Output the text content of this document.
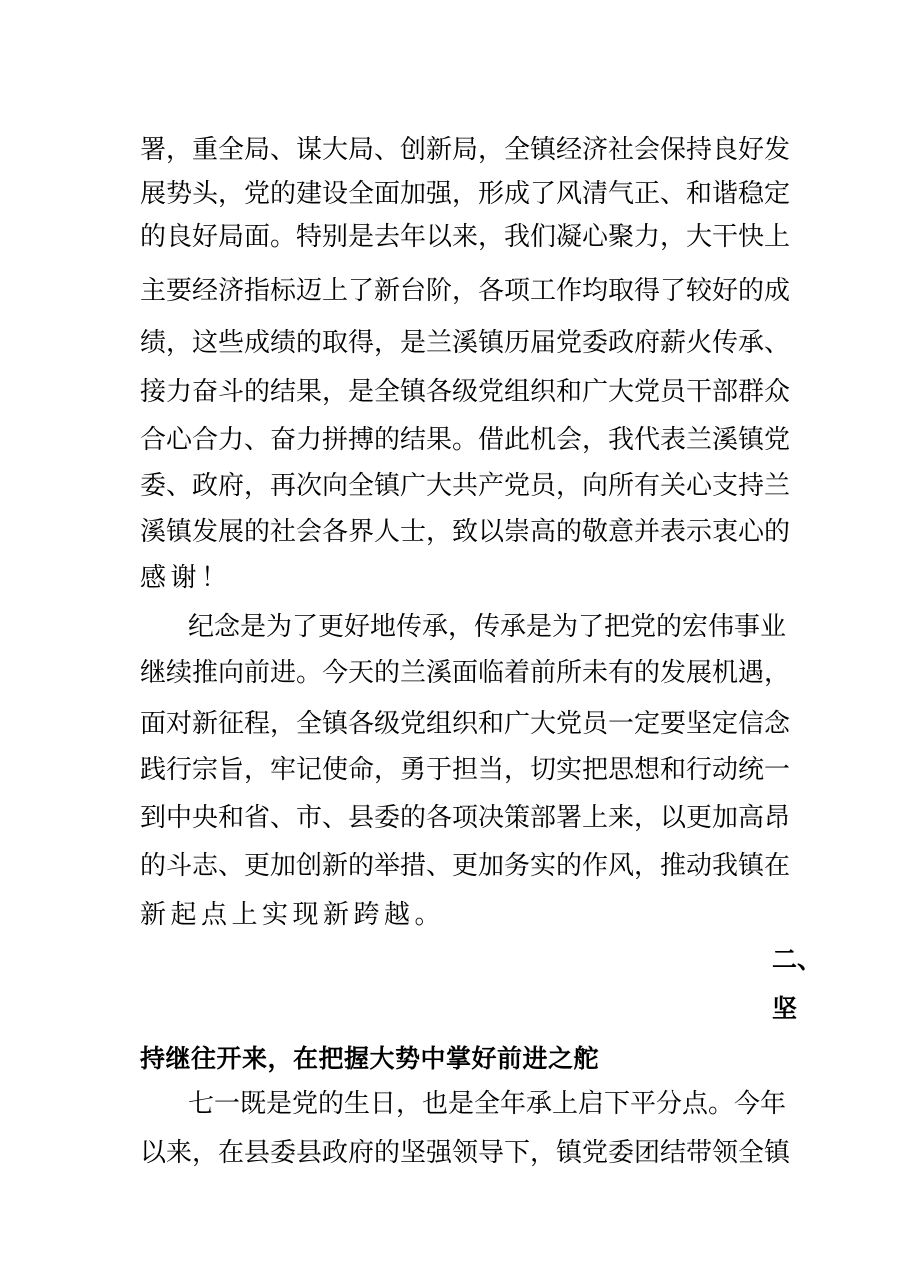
署，重全局、谋大局、创新局，全镇经济社会保持良好发
展势头，党的建设全面加强，形成了风清气正、和谐稳定
的良好局面。特别是去年以来，我们凝心聚力，大干快上
主要经济指标迈上了新台阶，各项工作均取得了较好的成
绩，这些成绩的取得，是兰溪镇历届党委政府薪火传承、
接力奋斗的结果，是全镇各级党组织和广大党员干部群众
合心合力、奋力拼搏的结果。借此机会，我代表兰溪镇党
委、政府，再次向全镇广大共产党员，向所有关心支持兰
溪镇发展的社会各界人士，致以崇高的敬意并表示衷心的
感谢！
纪念是为了更好地传承，传承是为了把党的宏伟事业
继续推向前进。今天的兰溪面临着前所未有的发展机遇，
面对新征程，全镇各级党组织和广大党员一定要坚定信念
践行宗旨，牢记使命，勇于担当，切实把思想和行动统一
到中央和省、市、县委的各项决策部署上来，以更加高昂
的斗志、更加创新的举措、更加务实的作风，推动我镇在
新起点上实现新跨越。
二、
坚
持继往开来，在把握大势中掌好前进之舵
七一既是党的生日，也是全年承上启下平分点。今年
以来，在县委县政府的坚强领导下，镇党委团结带领全镇
